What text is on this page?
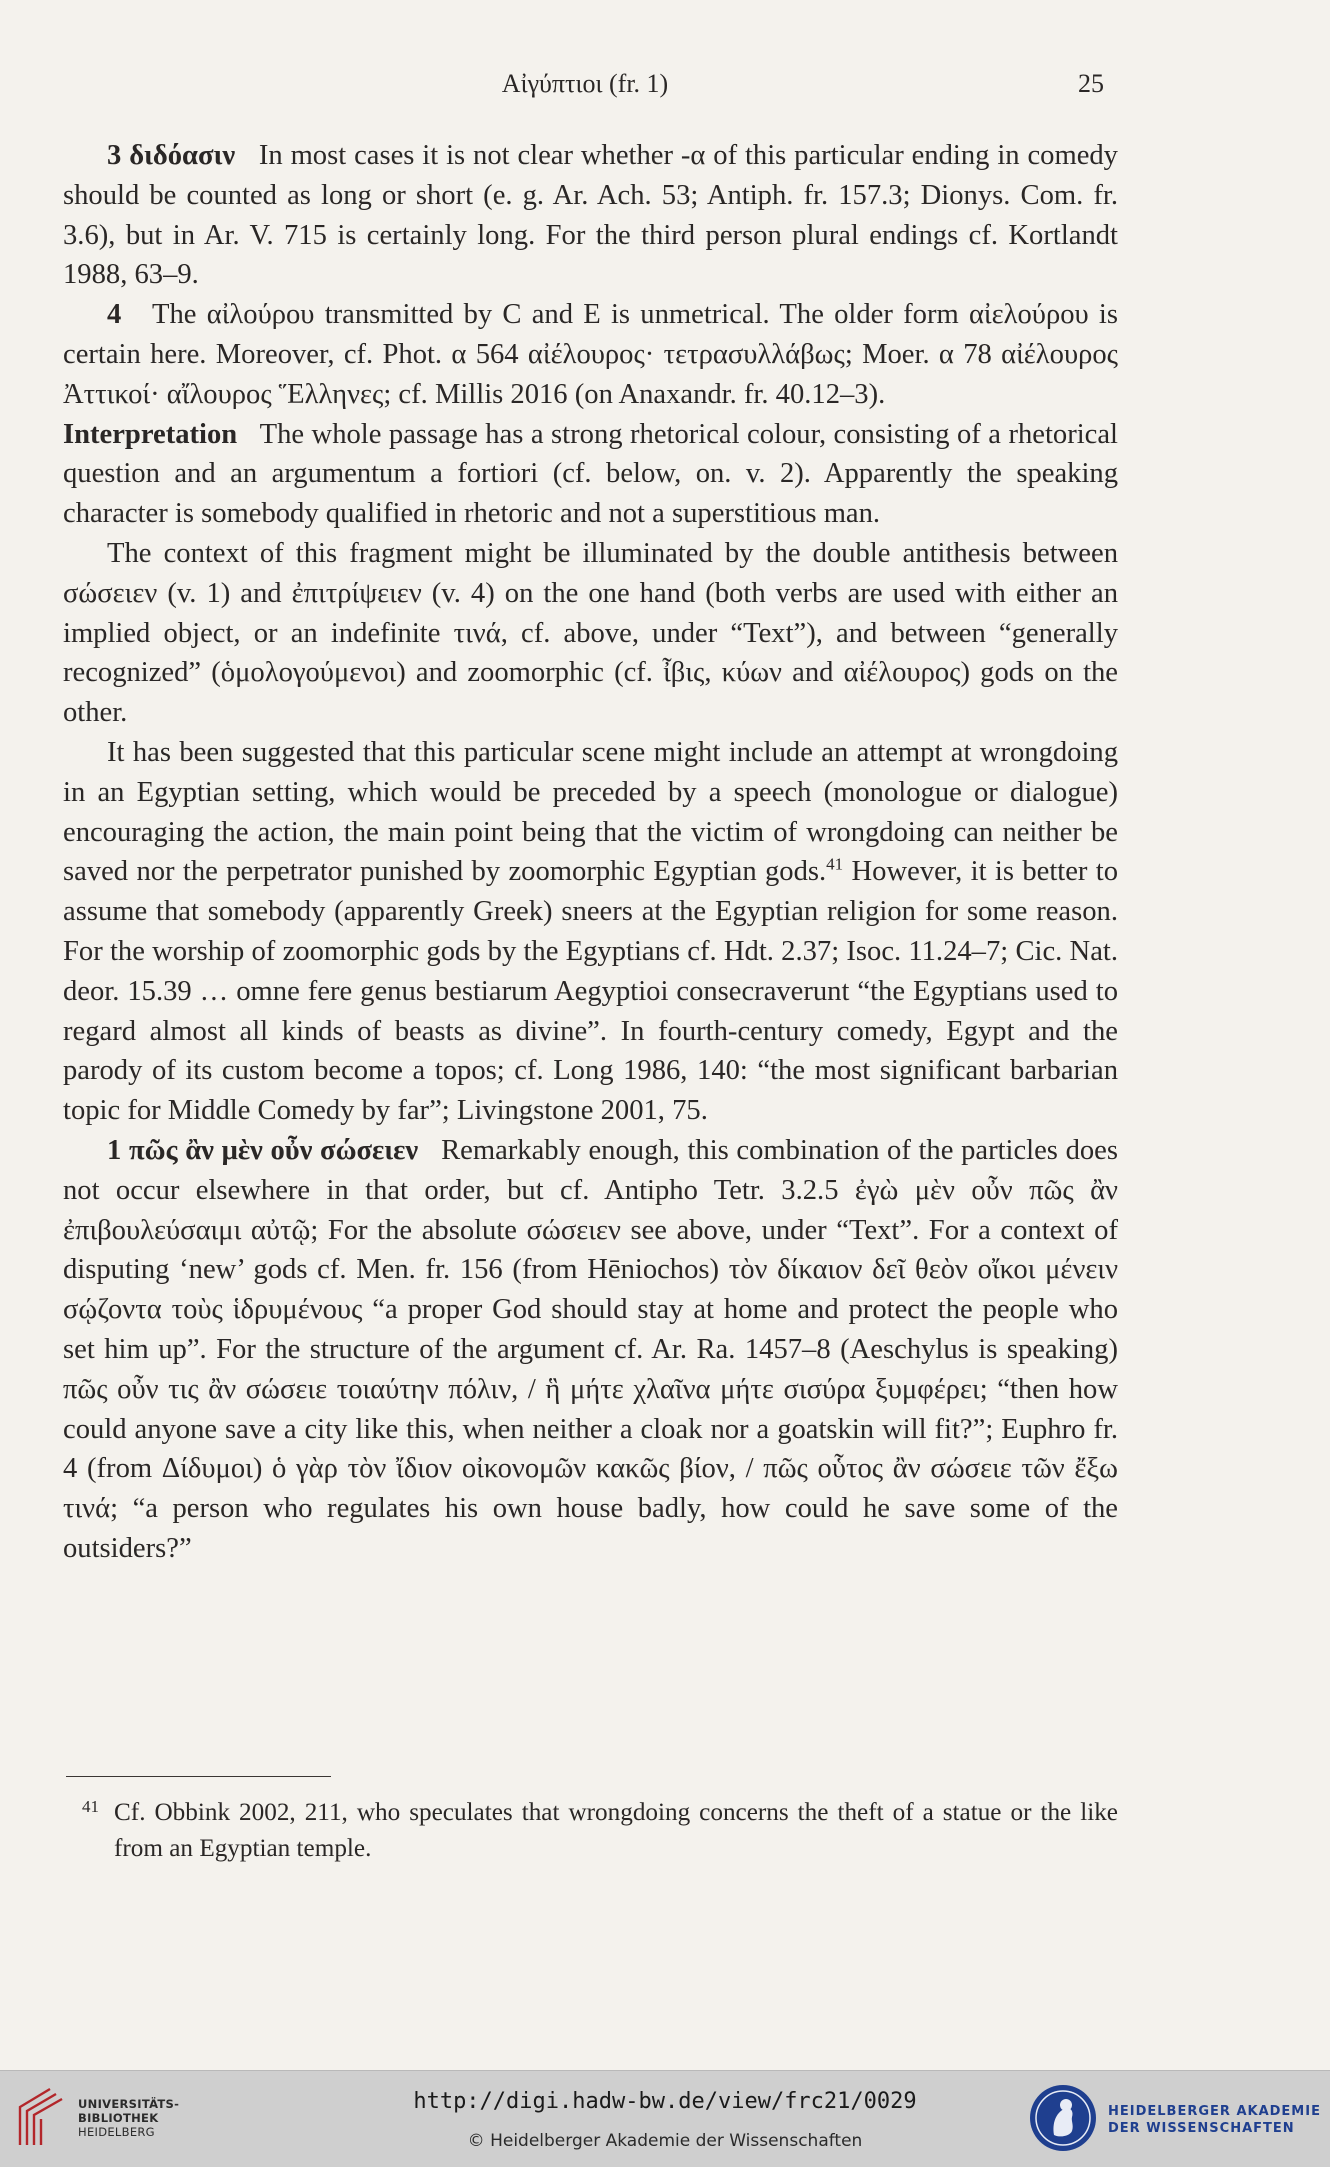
Αἰγύπτιοι (fr. 1)	25

3 διδόασιν In most cases it is not clear whether -α of this particular ending in comedy should be counted as long or short (e. g. Ar. Ach. 53; Antiph. fr. 157.3; Dionys. Com. fr. 3.6), but in Ar. V. 715 is certainly long. For the third person plural endings cf. Kortlandt 1988, 63–9.

4 The αἰλούρου transmitted by C and E is unmetrical. The older form αἰελούρου is certain here. Moreover, cf. Phot. α 564 αἰέλουρος· τετρασυλλάβως; Moer. α 78 αἰέλουρος Ἀττικοί· αἴλουρος Ἕλληνες; cf. Millis 2016 (on Anaxandr. fr. 40.12–3).

Interpretation The whole passage has a strong rhetorical colour, consisting of a rhetorical question and an argumentum a fortiori (cf. below, on. v. 2). Apparently the speaking character is somebody qualified in rhetoric and not a superstitious man.

The context of this fragment might be illuminated by the double antithesis between σώσειεν (v. 1) and ἐπιτρίψειεν (v. 4) on the one hand (both verbs are used with either an implied object, or an indefinite τινά, cf. above, under “Text”), and between “generally recognized” (ὁμολογούμενοι) and zoomorphic (cf. ἶβις, κύων and αἰέλουρος) gods on the other.

It has been suggested that this particular scene might include an attempt at wrongdoing in an Egyptian setting, which would be preceded by a speech (monologue or dialogue) encouraging the action, the main point being that the victim of wrongdoing can neither be saved nor the perpetrator punished by zoomorphic Egyptian gods.$^{41}$ However, it is better to assume that somebody (apparently Greek) sneers at the Egyptian religion for some reason. For the worship of zoomorphic gods by the Egyptians cf. Hdt. 2.37; Isoc. 11.24–7; Cic. Nat. deor. 15.39 … omne fere genus bestiarum Aegyptioi consecraverunt “the Egyptians used to regard almost all kinds of beasts as divine”. In fourth-century comedy, Egypt and the parody of its custom become a topos; cf. Long 1986, 140: “the most significant barbarian topic for Middle Comedy by far”; Livingstone 2001, 75.

1 πῶς ἂν μὲν οὖν σώσειεν Remarkably enough, this combination of the particles does not occur elsewhere in that order, but cf. Antipho Tetr. 3.2.5 ἐγὼ μὲν οὖν πῶς ἂν ἐπιβουλεύσαιμι αὐτῷ; For the absolute σώσειεν see above, under “Text”. For a context of disputing ‘new’ gods cf. Men. fr. 156 (from Hēniochos) τὸν δίκαιον δεῖ θεὸν οἴκοι μένειν σῴζοντα τοὺς ἱδρυμένους “a proper God should stay at home and protect the people who set him up”. For the structure of the argument cf. Ar. Ra. 1457–8 (Aeschylus is speaking) πῶς οὖν τις ἂν σώσειε τοιαύτην πόλιν, / ἣ μήτε χλαῖνα μήτε σισύρα ξυμφέρει; “then how could anyone save a city like this, when neither a cloak nor a goatskin will fit?”; Euphro fr. 4 (from Δίδυμοι) ὁ γὰρ τὸν ἴδιον οἰκονομῶν κακῶς βίον, / πῶς οὗτος ἂν σώσειε τῶν ἔξω τινά; “a person who regulates his own house badly, how could he save some of the outsiders?”

41 Cf. Obbink 2002, 211, who speculates that wrongdoing concerns the theft of a statue or the like from an Egyptian temple.
UNIVERSITÄTS-
BIBLIOTHEK
HEIDELBERG
http://digi.hadw-bw.de/view/frc21/0029
© Heidelberger Akademie der Wissenschaften
HEIDELBERGER AKADEMIE
DER WISSENSCHAFTEN
